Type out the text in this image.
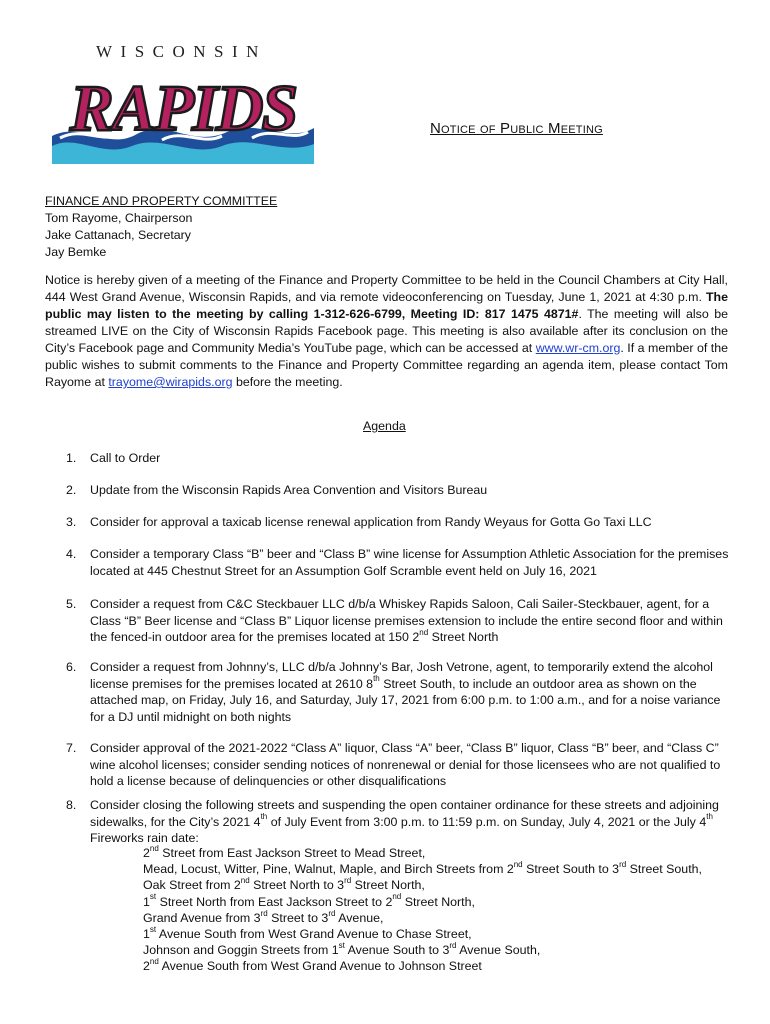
WISCONSIN
RAPIDS	Notice of Public Meeting
FINANCE AND PROPERTY COMMITTEE
Tom Rayome, Chairperson
Jake Cattanach, Secretary
Jay Bemke
Notice is hereby given of a meeting of the Finance and Property Committee to be held in the Council Chambers at City Hall, 444 West Grand Avenue, Wisconsin Rapids, and via remote videoconferencing on Tuesday, June 1, 2021 at 4:30 p.m. The public may listen to the meeting by calling 1-312-626-6799, Meeting ID: 817 1475 4871#. The meeting will also be streamed LIVE on the City of Wisconsin Rapids Facebook page. This meeting is also available after its conclusion on the City’s Facebook page and Community Media’s YouTube page, which can be accessed at www.wr-cm.org. If a member of the public wishes to submit comments to the Finance and Property Committee regarding an agenda item, please contact Tom Rayome at trayome@wirapids.org before the meeting.
Agenda
1.	Call to Order
2.	Update from the Wisconsin Rapids Area Convention and Visitors Bureau
3.	Consider for approval a taxicab license renewal application from Randy Weyaus for Gotta Go Taxi LLC
4.	Consider a temporary Class “B” beer and “Class B” wine license for Assumption Athletic Association for the premises located at 445 Chestnut Street for an Assumption Golf Scramble event held on July 16, 2021
5.	Consider a request from C&C Steckbauer LLC d/b/a Whiskey Rapids Saloon, Cali Sailer-Steckbauer, agent, for a Class “B” Beer license and “Class B” Liquor license premises extension to include the entire second floor and within the fenced-in outdoor area for the premises located at 150 2nd Street North
6.	Consider a request from Johnny’s, LLC d/b/a Johnny’s Bar, Josh Vetrone, agent, to temporarily extend the alcohol license premises for the premises located at 2610 8th Street South, to include an outdoor area as shown on the attached map, on Friday, July 16, and Saturday, July 17, 2021 from 6:00 p.m. to 1:00 a.m., and for a noise variance for a DJ until midnight on both nights
7.	Consider approval of the 2021-2022 “Class A” liquor, Class “A” beer, “Class B” liquor, Class “B” beer, and “Class C” wine alcohol licenses; consider sending notices of nonrenewal or denial for those licensees who are not qualified to hold a license because of delinquencies or other disqualifications
8.	Consider closing the following streets and suspending the open container ordinance for these streets and adjoining sidewalks, for the City’s 2021 4th of July Event from 3:00 p.m. to 11:59 p.m. on Sunday, July 4, 2021 or the July 4th Fireworks rain date:
2nd Street from East Jackson Street to Mead Street,
Mead, Locust, Witter, Pine, Walnut, Maple, and Birch Streets from 2nd Street South to 3rd Street South,
Oak Street from 2nd Street North to 3rd Street North,
1st Street North from East Jackson Street to 2nd Street North,
Grand Avenue from 3rd Street to 3rd Avenue,
1st Avenue South from West Grand Avenue to Chase Street,
Johnson and Goggin Streets from 1st Avenue South to 3rd Avenue South,
2nd Avenue South from West Grand Avenue to Johnson Street
